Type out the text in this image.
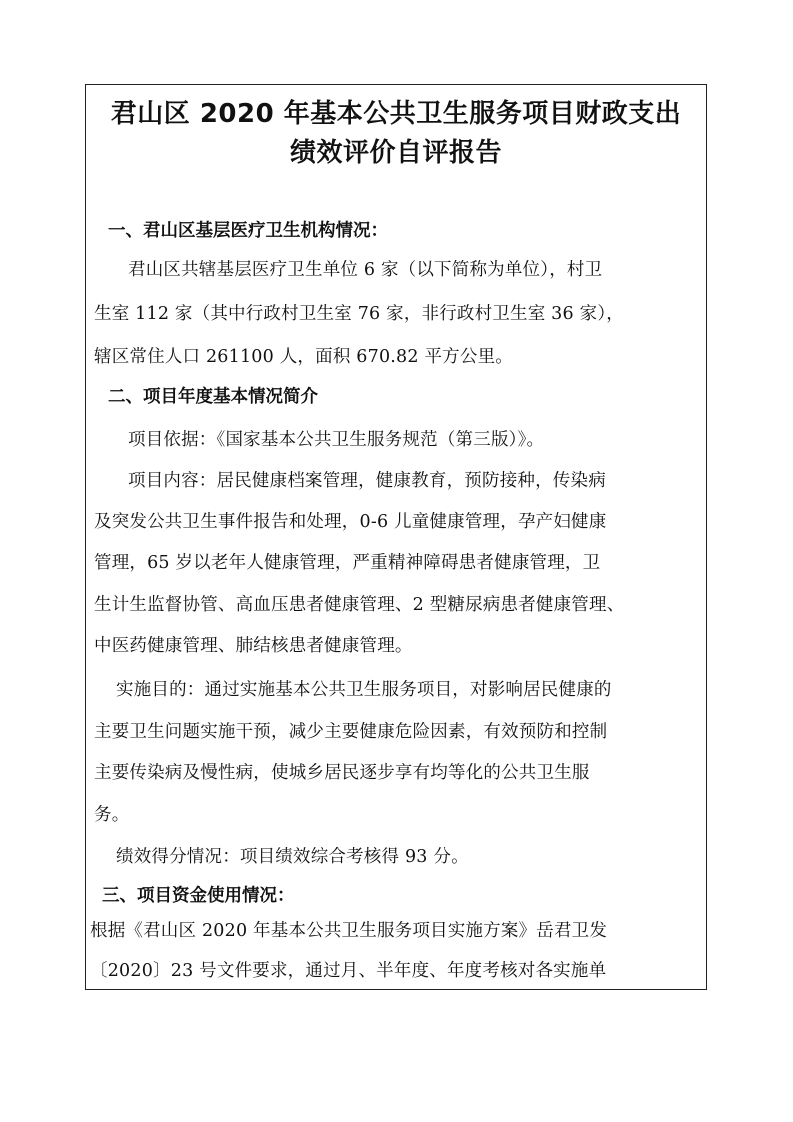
君山区 2020 年基本公共卫生服务项目财政支出
绩效评价自评报告
一、君山区基层医疗卫生机构情况：
君山区共辖基层医疗卫生单位 6 家（以下简称为单位），村卫
生室 112 家（其中行政村卫生室 76 家，非行政村卫生室 36 家），
辖区常住人口 261100 人，面积 670.82 平方公里。
二、项目年度基本情况简介
项目依据：《国家基本公共卫生服务规范（第三版）》。
项目内容：居民健康档案管理，健康教育，预防接种，传染病
及突发公共卫生事件报告和处理，0-6 儿童健康管理，孕产妇健康
管理，65 岁以老年人健康管理，严重精神障碍患者健康管理，卫
生计生监督协管、高血压患者健康管理、2 型糖尿病患者健康管理、
中医药健康管理、肺结核患者健康管理。
实施目的：通过实施基本公共卫生服务项目，对影响居民健康的
主要卫生问题实施干预，减少主要健康危险因素，有效预防和控制
主要传染病及慢性病，使城乡居民逐步享有均等化的公共卫生服
务。
绩效得分情况：项目绩效综合考核得 93 分。
三、项目资金使用情况：
根据《君山区 2020 年基本公共卫生服务项目实施方案》岳君卫发
〔2020〕23 号文件要求，通过月、半年度、年度考核对各实施单
